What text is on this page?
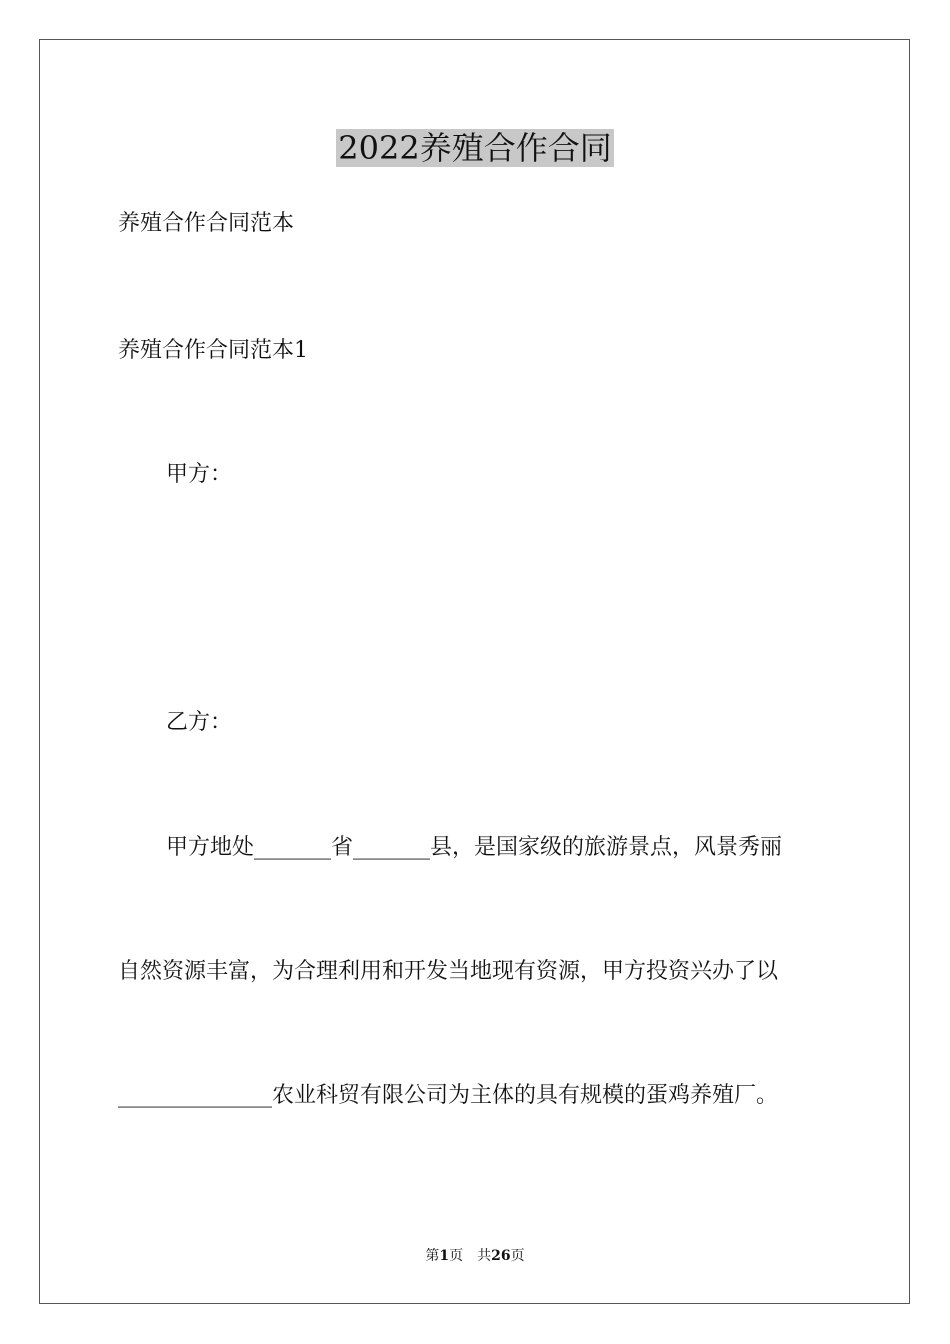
2022养殖合作合同
养殖合作合同范本
养殖合作合同范本1
甲方：
乙方：
甲方地处_______省_______县，是国家级的旅游景点，风景秀丽
自然资源丰富，为合理利用和开发当地现有资源，甲方投资兴办了以
______________农业科贸有限公司为主体的具有规模的蛋鸡养殖厂。
第1页　共26页
